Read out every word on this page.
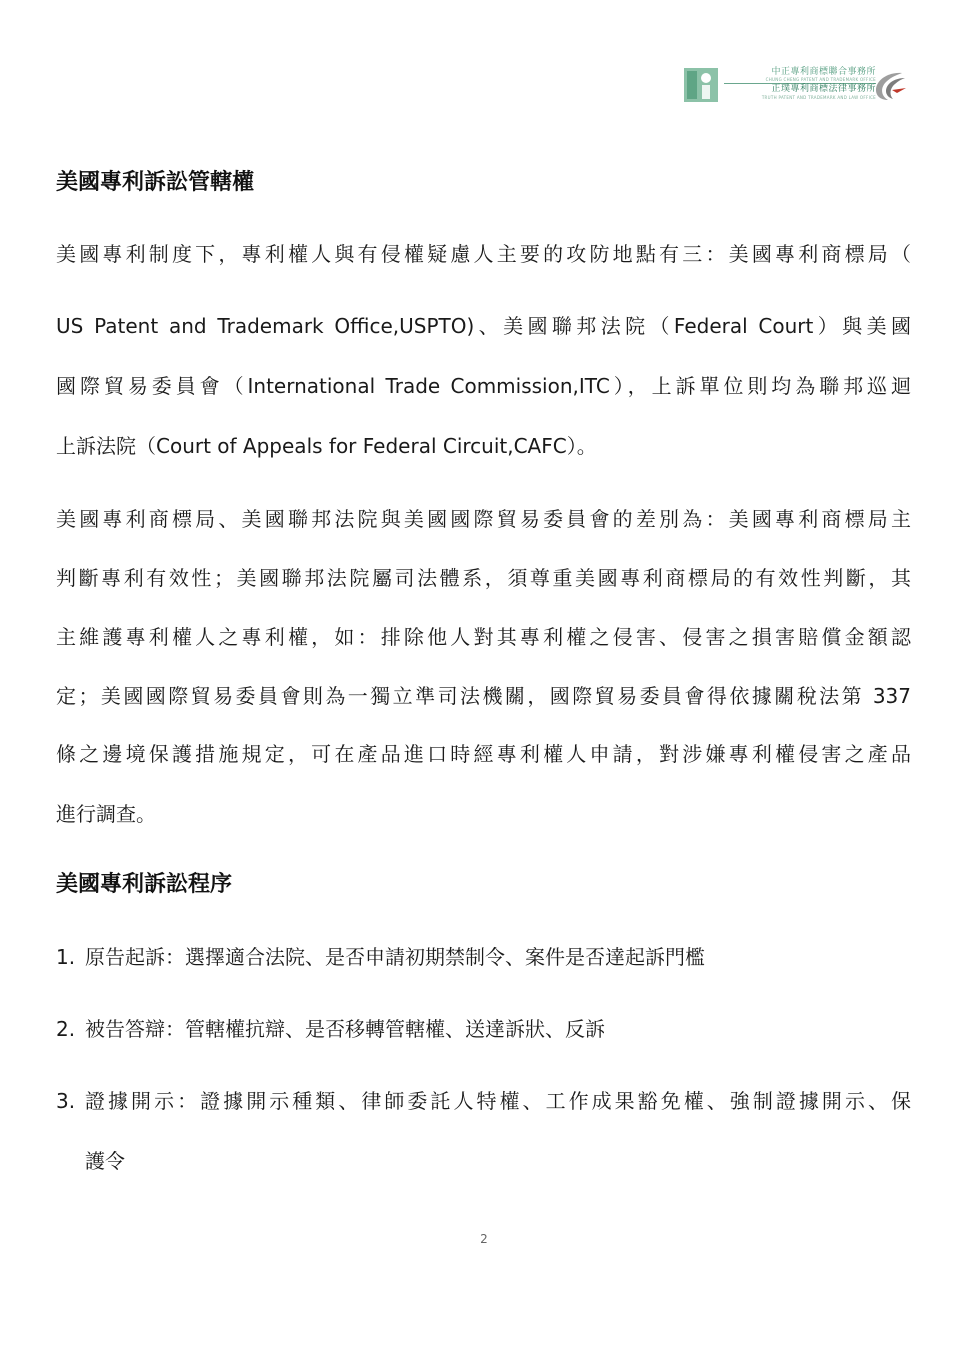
中正專利商標聯合事務所
CHUNG CHENG PATENT AND TRADEMARK OFFICE
正璞專利商標法律事務所
TRUTH PATENT AND TRADEMARK AND LAW OFFICE
美國專利訴訟管轄權
美國專利制度下，專利權人與有侵權疑慮人主要的攻防地點有三：美國專利商標局（
US Patent and Trademark Office,USPTO)、美國聯邦法院（Federal Court）與美國
國際貿易委員會（International Trade Commission,ITC），上訴單位則均為聯邦巡迴
上訴法院（Court of Appeals for Federal Circuit,CAFC）。
美國專利商標局、美國聯邦法院與美國國際貿易委員會的差別為：美國專利商標局主
判斷專利有效性；美國聯邦法院屬司法體系，須尊重美國專利商標局的有效性判斷，其
主維護專利權人之專利權，如：排除他人對其專利權之侵害、侵害之損害賠償金額認
定；美國國際貿易委員會則為一獨立準司法機關，國際貿易委員會得依據關稅法第 337
條之邊境保護措施規定，可在產品進口時經專利權人申請，對涉嫌專利權侵害之產品
進行調查。
美國專利訴訟程序
1. 原告起訴：選擇適合法院、是否申請初期禁制令、案件是否達起訴門檻
2. 被告答辯：管轄權抗辯、是否移轉管轄權、送達訴狀、反訴
3. 證據開示：證據開示種類、律師委託人特權、工作成果豁免權、強制證據開示、保
護令
2
